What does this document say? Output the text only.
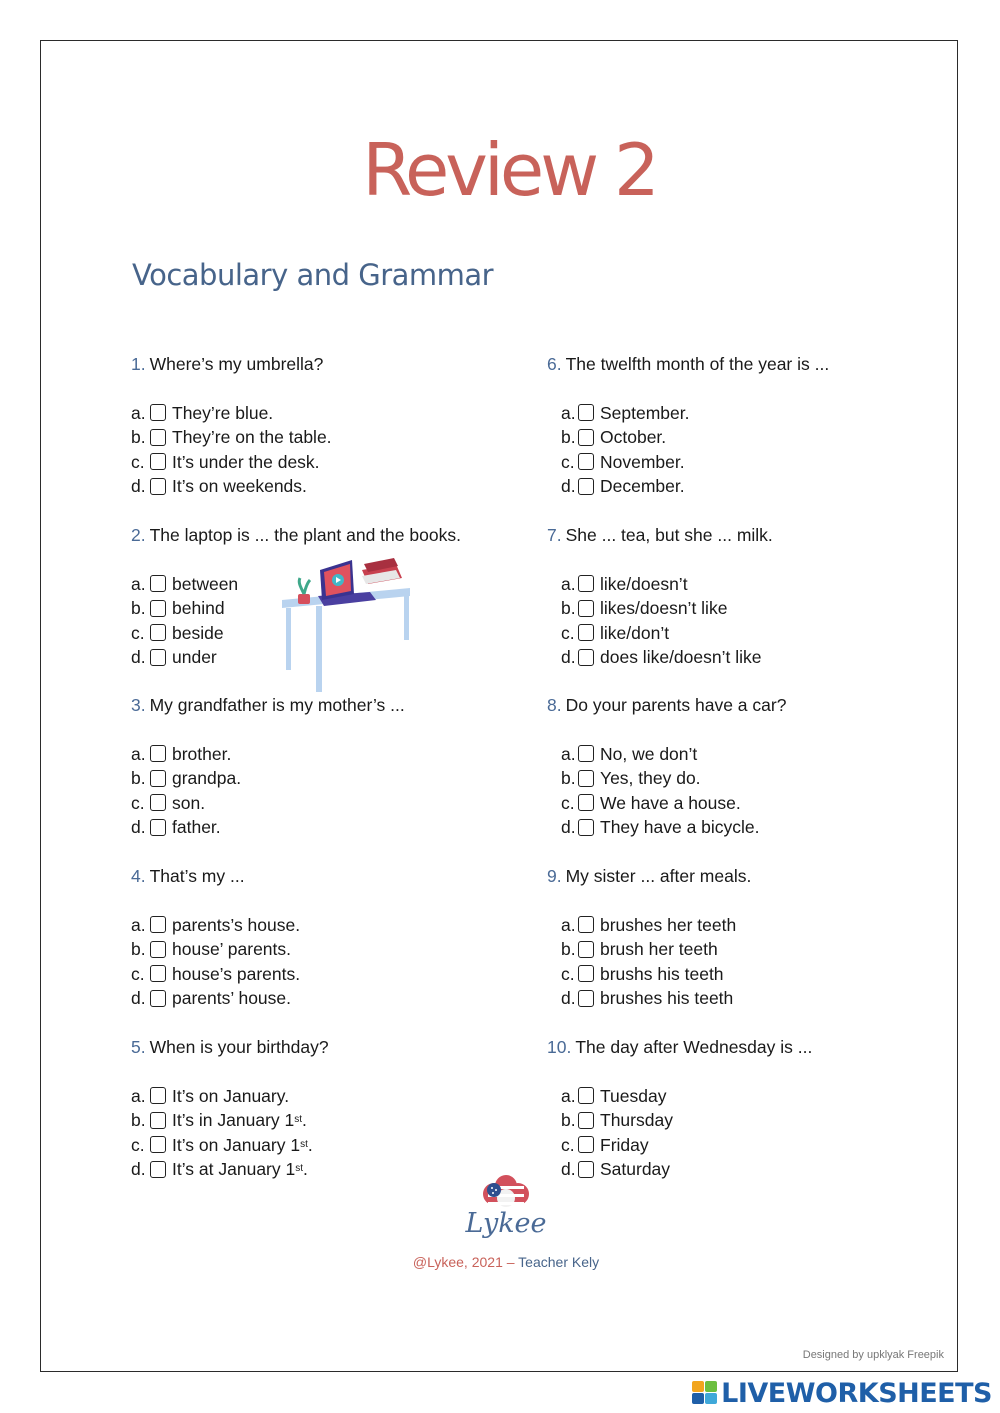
Review 2
Vocabulary and Grammar
1. Where’s my umbrella?
a. They’re blue.
b. They’re on the table.
c.	It’s under the desk.
d. It’s on weekends.
2. The laptop is ... the plant and the books.
a. between
b. behind
c.	beside
d. under
3. My grandfather is my mother’s ...
a. brother.
b. grandpa.
c.	son.
d. father.
4. That’s my ...
a. parents’s house.
b. house’ parents.
c.	house’s parents.
d. parents’ house.
5. When is your birthday?
a. It’s on January.
b. It’s in January 1 st .
c.	It’s on January 1 st .
d. It’s at January 1 st .
6. The twelfth month of the year is ...
a. September.
b. October.
c. November.
d. December.
7. She ... tea, but she ... milk.
a. like/doesn’t
b. likes/doesn’t like
c. like/don’t
d. does like/doesn’t like
8. Do your parents have a car?
a. No, we don’t
b. Yes, they do.
c. We have a house.
d. They have a bicycle.
9. My sister ... after meals.
a. brushes her teeth
b. brush her teeth
c. brushs his teeth
d. brushes his teeth
10. The day after Wednesday is ...
a. Tuesday
b. Thursday
c. Friday
d. Saturday
Lykee
@Lykee, 2021 – Teacher Kely
Designed by upklyak Freepik
LIVEWORKSHEETS
